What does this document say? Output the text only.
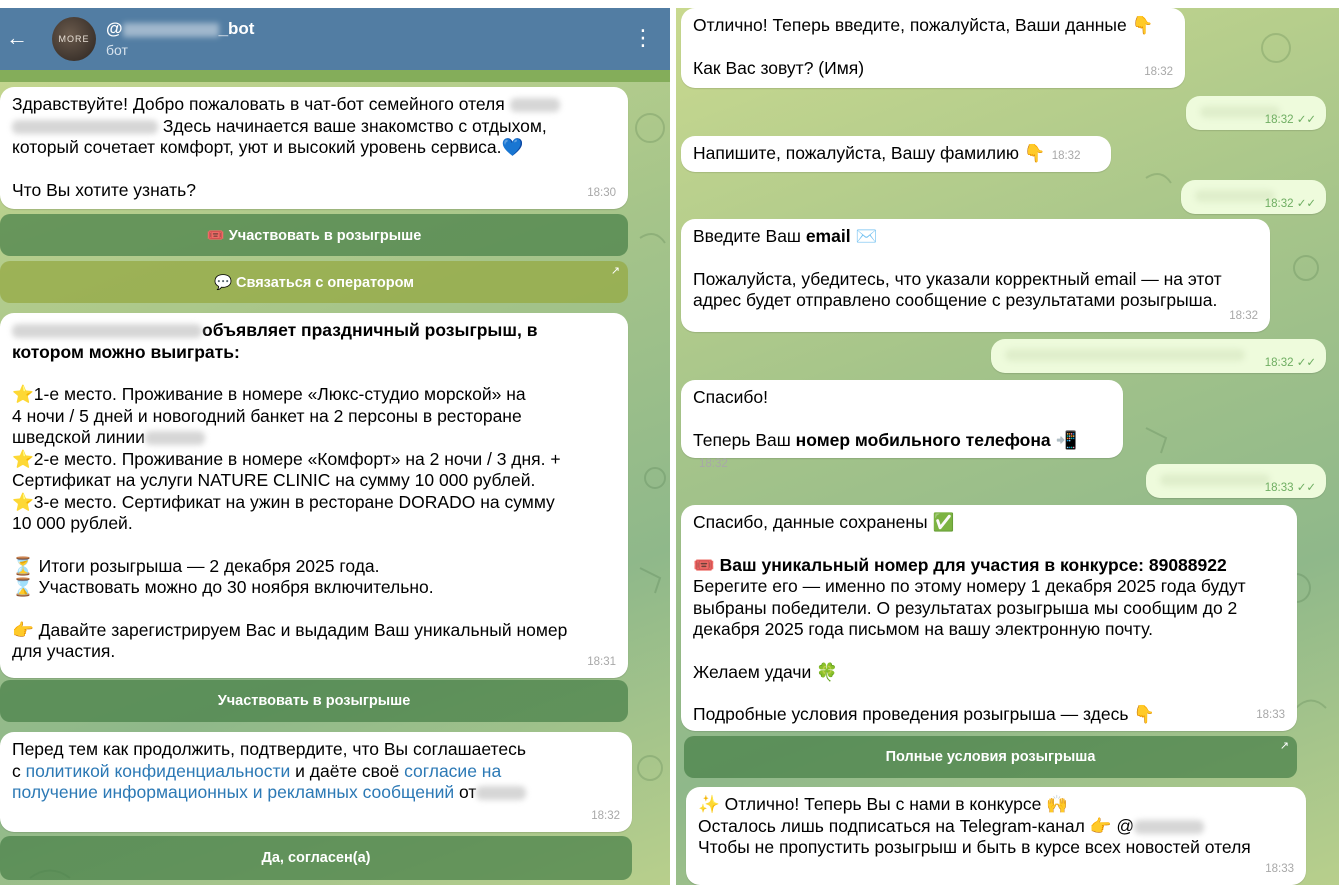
←	MORE
@	_bot
бот	⋮

Здравствуйте! Добро пожаловать в чат-бот семейного отеля

Здесь начинается ваше знакомство с отдыхом,

который сочетает комфорт, уют и высокий уровень сервиса.💙

Что Вы хотите узнать?	18:30
🎟️ Участвовать в розыгрыше
💬 Связаться с оператором
↗

объявляет праздничный розыгрыш, в

котором можно выиграть:

⭐1-е место. Проживание в номере «Люкс-студио морской» на

4 ночи / 5 дней и новогодний банкет на 2 персоны в ресторане

шведской линии

⭐2-е место. Проживание в номере «Комфорт» на 2 ночи / 3 дня. +

Сертификат на услуги NATURE CLINIC на сумму 10 000 рублей.

⭐3-е место. Сертификат на ужин в ресторане DORADO на сумму

10 000 рублей.

⏳ Итоги розыгрыша — 2 декабря 2025 года.

⌛ Участвовать можно до 30 ноября включительно.

👉 Давайте зарегистрируем Вас и выдадим Ваш уникальный номер

для участия.

18:31
Участвовать в розыгрыше

Перед тем как продолжить, подтвердите, что Вы соглашаетесь

с политикой конфиденциальности и даёте своё согласие на

получение информационных и рекламных сообщений от

18:32
Да, согласен(а)

Отлично! Теперь введите, пожалуйста, Ваши данные 👇

Как Вас зовут? (Имя)	18:32
18:32 ✓✓

Напишите, пожалуйста, Вашу фамилию 👇 18:32

18:32 ✓✓

Введите Ваш email ✉️

Пожалуйста, убедитесь, что указали корректный email — на этот

адрес будет отправлено сообщение с результатами розыгрыша.

18:32
18:32 ✓✓

Спасибо!

Теперь Ваш номер мобильного телефона 📲18:32

18:33 ✓✓

Спасибо, данные сохранены ✅

🎟️ Ваш уникальный номер для участия в конкурсе: 89088922

Берегите его — именно по этому номеру 1 декабря 2025 года будут

выбраны победители. О результатах розыгрыша мы сообщим до 2

декабря 2025 года письмом на вашу электронную почту.

Желаем удачи 🍀

Подробные условия проведения розыгрыша — здесь 👇	18:33
Полные условия розыгрыша
↗

✨ Отлично! Теперь Вы с нами в конкурсе 🙌

Осталось лишь подписаться на Telegram-канал 👉 @

Чтобы не пропустить розыгрыш и быть в курсе всех новостей отеля

18:33
